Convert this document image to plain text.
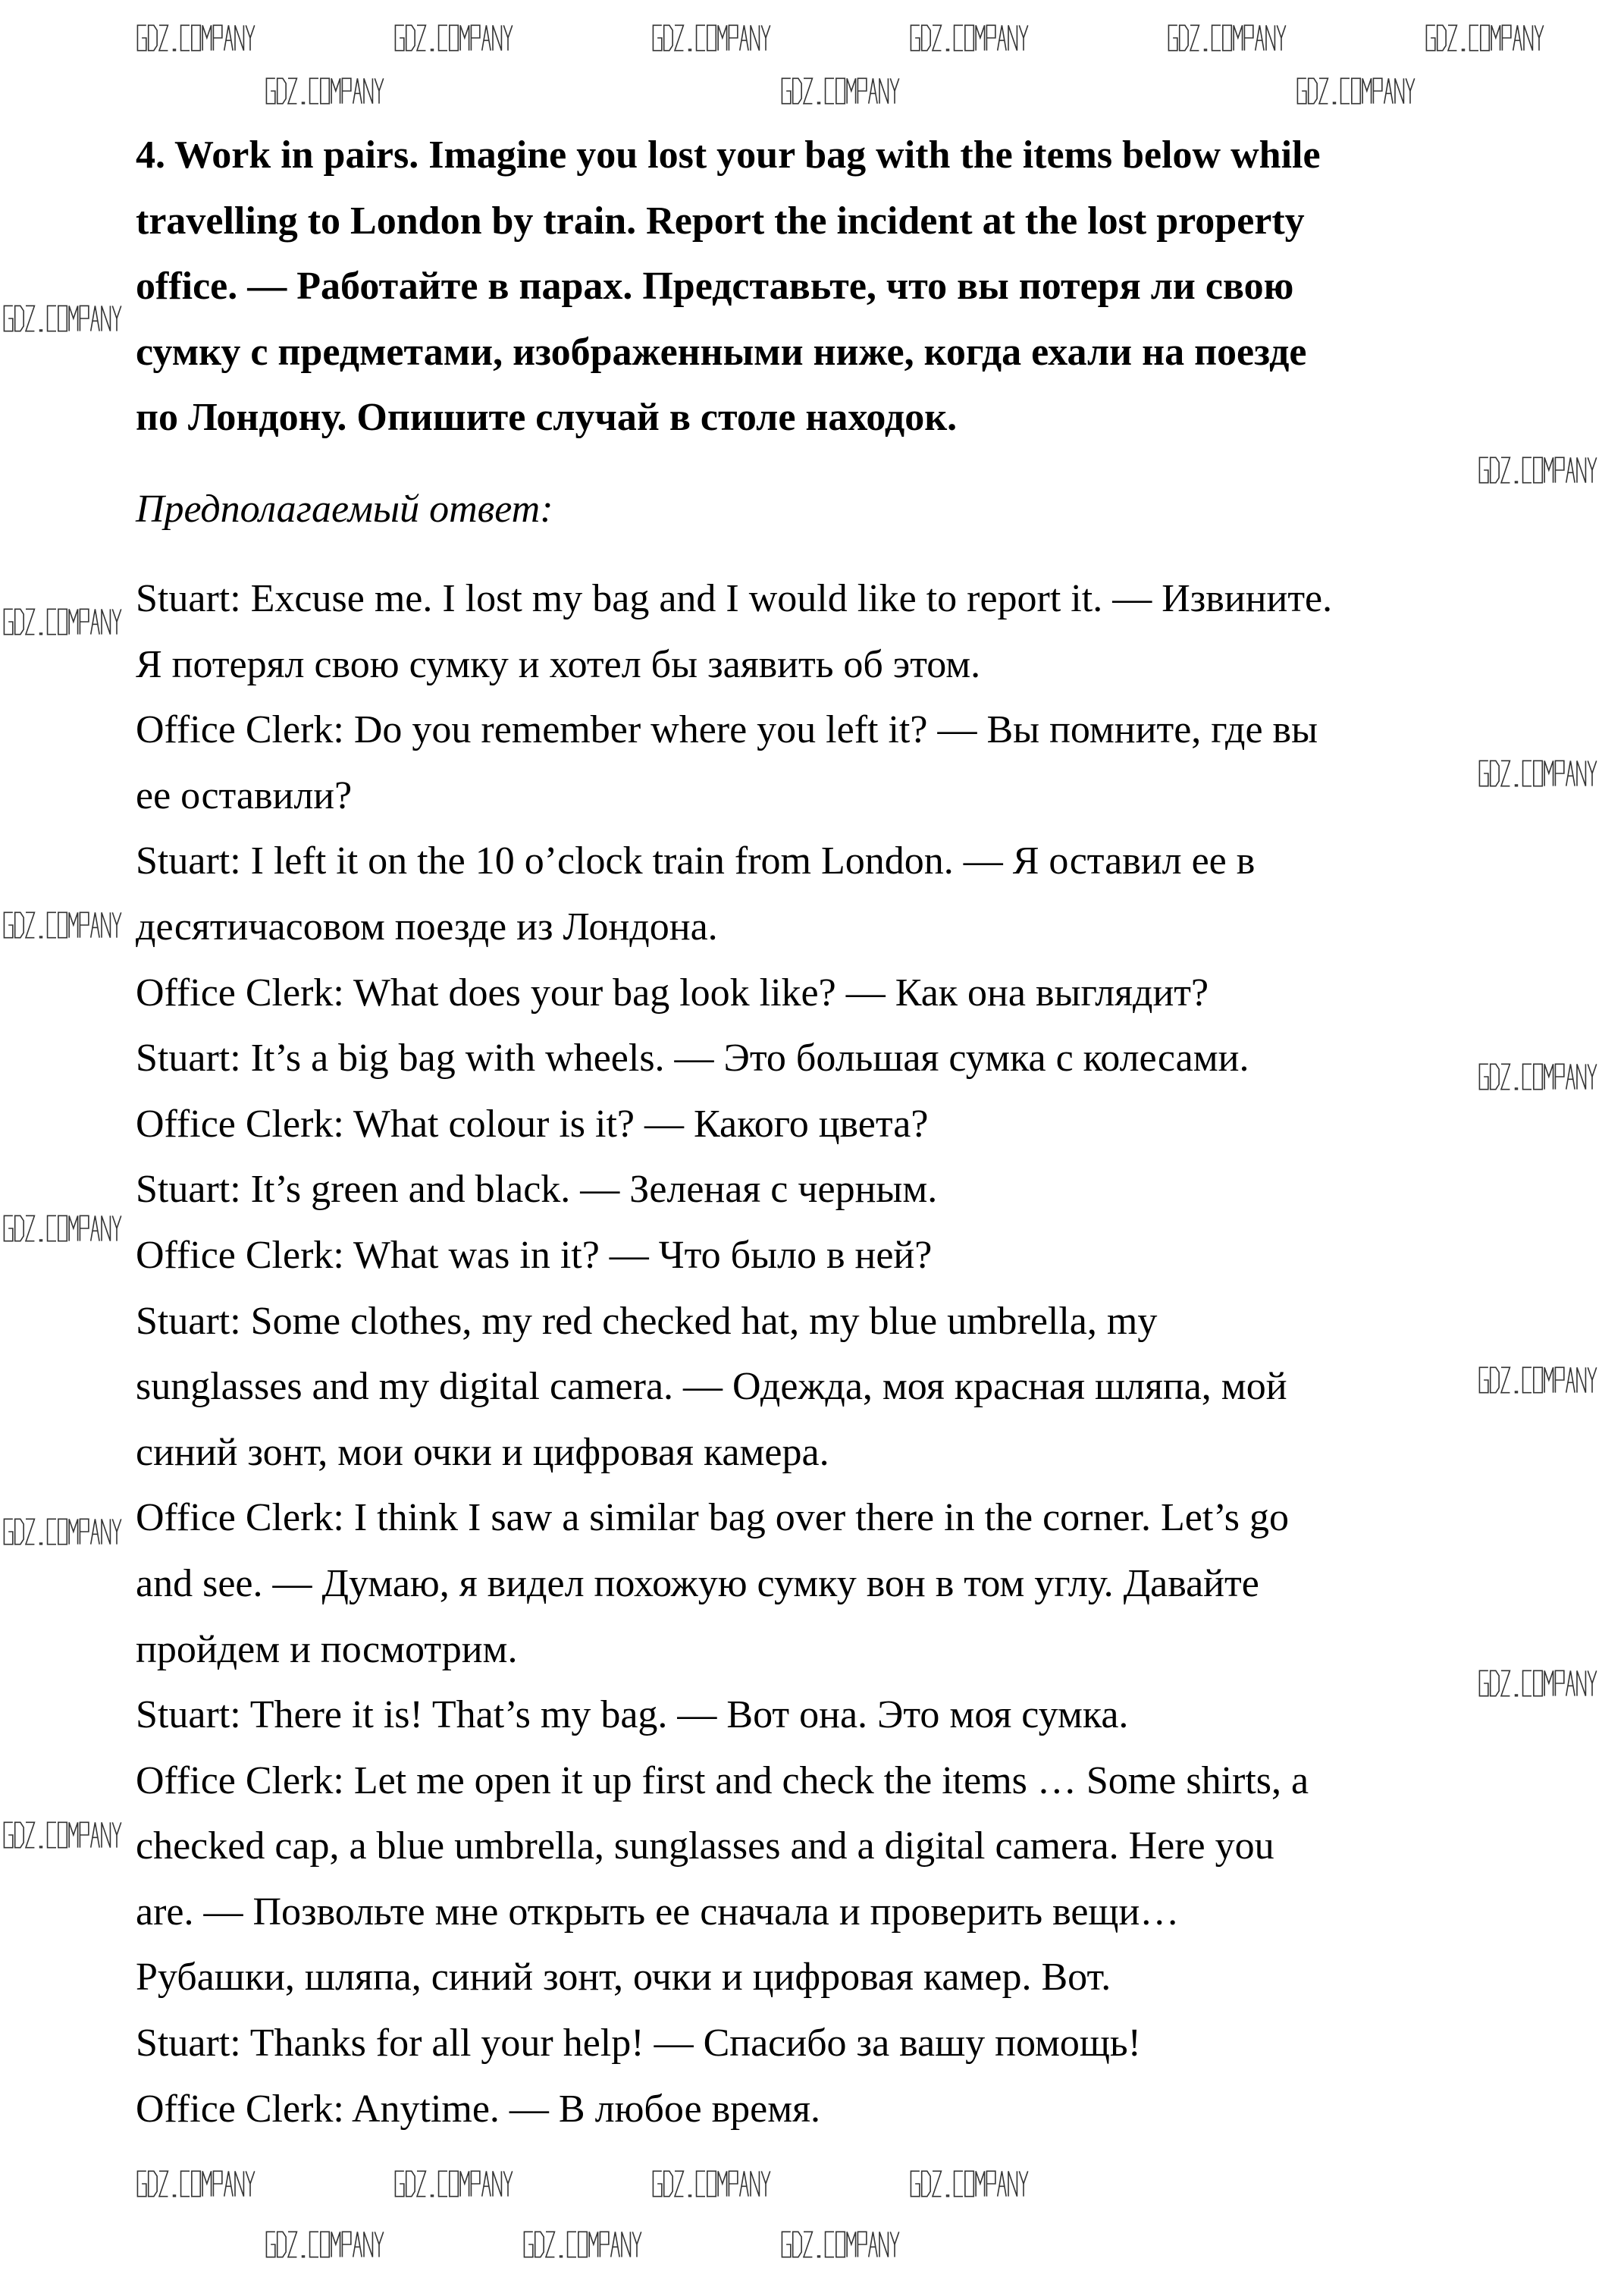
4. Work in pairs. Imagine you lost your bag with the items below while
travelling to London by train. Report the incident at the lost property
office. — Работайте в парах. Представьте, что вы потеря ли свою
сумку с предметами, изображенными ниже, когда ехали на поезде
по Лондону. Опишите случай в столе находок.
Предполагаемый ответ:
Stuart: Excuse me. I lost my bag and I would like to report it. — Извините.
Я потерял свою сумку и хотел бы заявить об этом.
Office Clerk: Do you remember where you left it? — Вы помните, где вы
ее оставили?
Stuart: I left it on the 10 o’clock train from London. — Я оставил ее в
десятичасовом поезде из Лондона.
Office Clerk: What does your bag look like? — Как она выглядит?
Stuart: It’s a big bag with wheels. — Это большая сумка с колесами.
Office Clerk: What colour is it? — Какого цвета?
Stuart: It’s green and black. — Зеленая с черным.
Office Clerk: What was in it? — Что было в ней?
Stuart: Some clothes, my red checked hat, my blue umbrella, my
sunglasses and my digital camera. — Одежда, моя красная шляпа, мой
синий зонт, мои очки и цифровая камера.
Office Clerk: I think I saw a similar bag over there in the corner. Let’s go
and see. — Думаю, я видел похожую сумку вон в том углу. Давайте
пройдем и посмотрим.
Stuart: There it is! That’s my bag. — Вот она. Это моя сумка.
Office Clerk: Let me open it up first and check the items … Some shirts, a
checked cap, a blue umbrella, sunglasses and a digital camera. Here you
are. — Позвольте мне открыть ее сначала и проверить вещи…
Рубашки, шляпа, синий зонт, очки и цифровая камер. Вот.
Stuart: Thanks for all your help! — Спасибо за вашу помощь!
Office Clerk: Anytime. — В любое время.
